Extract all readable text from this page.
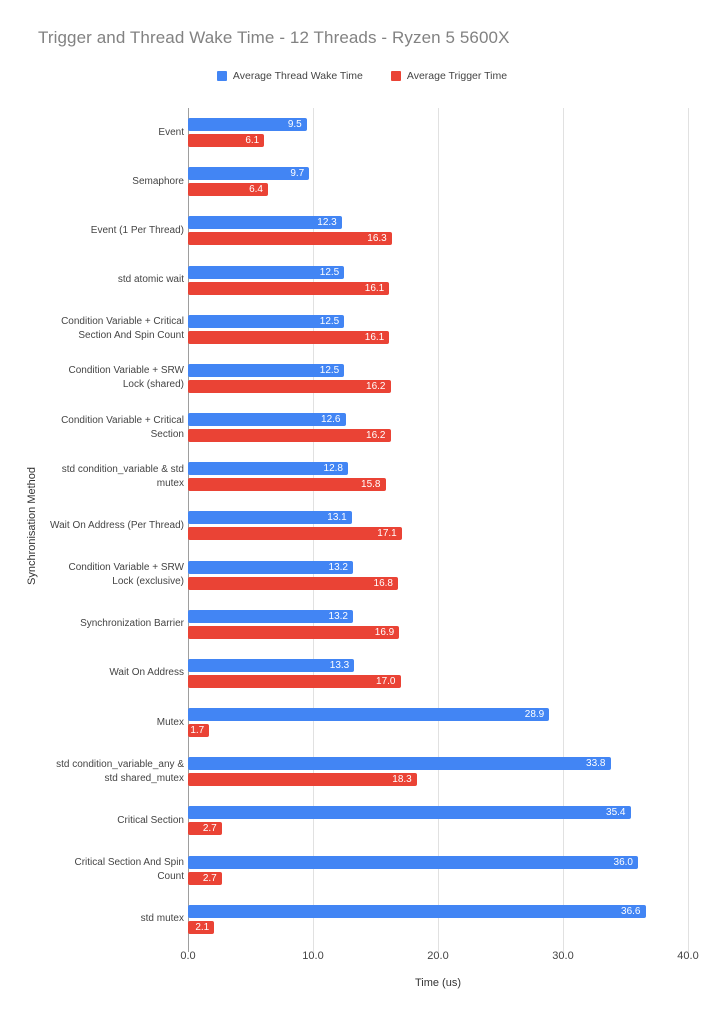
Trigger and Thread Wake Time - 12 Threads - Ryzen 5 5600X
Average Thread Wake Time	Average Trigger Time
Synchronisation Method
Event
9.5
6.1
Semaphore
9.7
6.4
Event (1 Per Thread)
12.3
16.3
std atomic wait
12.5
16.1
Condition Variable + Critical Section And Spin Count
12.5
16.1
Condition Variable + SRW Lock (shared)
12.5
16.2
Condition Variable + Critical Section
12.6
16.2
std condition_variable & std mutex
12.8
15.8
Wait On Address (Per Thread)
13.1
17.1
Condition Variable + SRW Lock (exclusive)
13.2
16.8
Synchronization Barrier
13.2
16.9
Wait On Address
13.3
17.0
Mutex
28.9
1.7
std condition_variable_any & std shared_mutex
33.8
18.3
Critical Section
35.4
2.7
Critical Section And Spin Count
36.0
2.7
std mutex
36.6
2.1
0.0	10.0	20.0	30.0	40.0
Time (us)
